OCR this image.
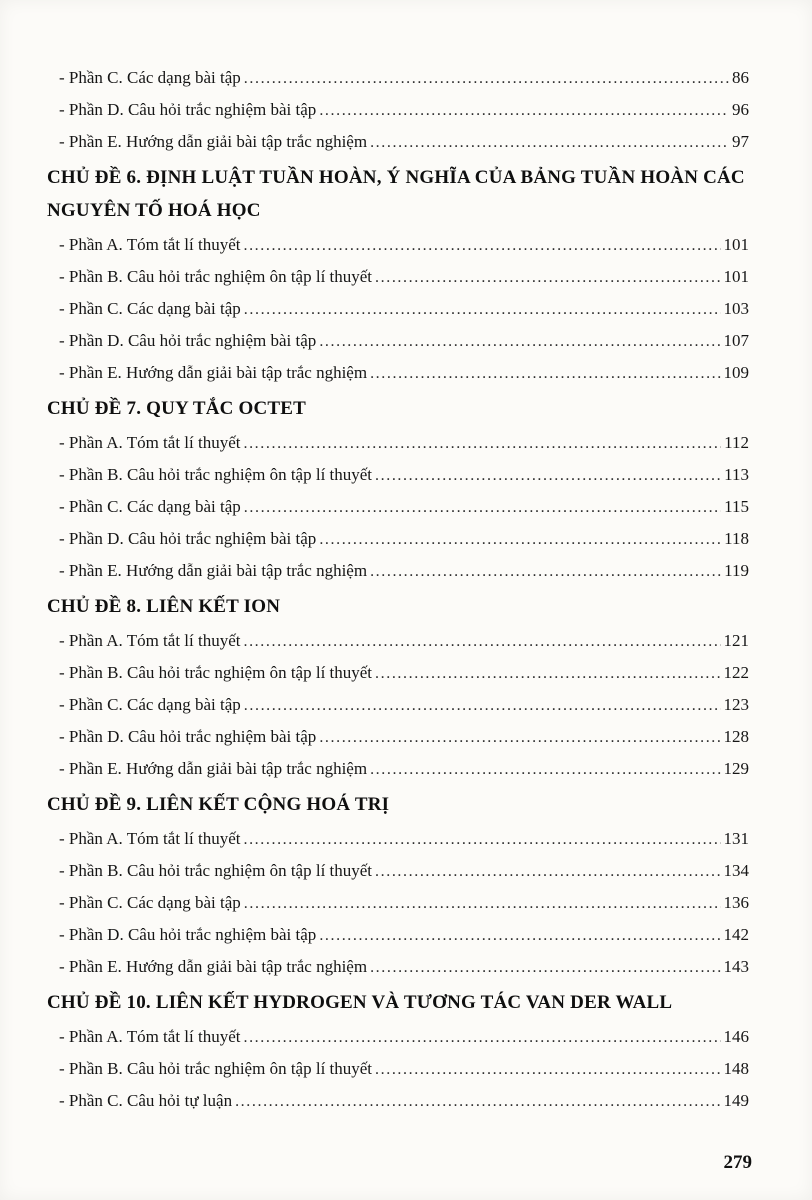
- Phần C. Các dạng bài tập .....	86
- Phần D. Câu hỏi trắc nghiệm bài tập .....	96
- Phần E. Hướng dẫn giải bài tập trắc nghiệm .....	97
CHỦ ĐỀ 6. ĐỊNH LUẬT TUẦN HOÀN, Ý NGHĨA CỦA BẢNG TUẦN HOÀN CÁC NGUYÊN TỐ HOÁ HỌC
- Phần A. Tóm tắt lí thuyết .....	101
- Phần B. Câu hỏi trắc nghiệm ôn tập lí thuyết .....	101
- Phần C. Các dạng bài tập .....	103
- Phần D. Câu hỏi trắc nghiệm bài tập .....	107
- Phần E. Hướng dẫn giải bài tập trắc nghiệm .....	109
CHỦ ĐỀ 7. QUY TẮC OCTET
- Phần A. Tóm tắt lí thuyết .....	112
- Phần B. Câu hỏi trắc nghiệm ôn tập lí thuyết .....	113
- Phần C. Các dạng bài tập .....	115
- Phần D. Câu hỏi trắc nghiệm bài tập .....	118
- Phần E. Hướng dẫn giải bài tập trắc nghiệm .....	119
CHỦ ĐỀ 8. LIÊN KẾT ION
- Phần A. Tóm tắt lí thuyết .....	121
- Phần B. Câu hỏi trắc nghiệm ôn tập lí thuyết .....	122
- Phần C. Các dạng bài tập .....	123
- Phần D. Câu hỏi trắc nghiệm bài tập .....	128
- Phần E. Hướng dẫn giải bài tập trắc nghiệm .....	129
CHỦ ĐỀ 9. LIÊN KẾT CỘNG HOÁ TRỊ
- Phần A. Tóm tắt lí thuyết .....	131
- Phần B. Câu hỏi trắc nghiệm ôn tập lí thuyết .....	134
- Phần C. Các dạng bài tập .....	136
- Phần D. Câu hỏi trắc nghiệm bài tập .....	142
- Phần E. Hướng dẫn giải bài tập trắc nghiệm .....	143
CHỦ ĐỀ 10. LIÊN KẾT HYDROGEN VÀ TƯƠNG TÁC VAN DER WALL
- Phần A. Tóm tắt lí thuyết .....	146
- Phần B. Câu hỏi trắc nghiệm ôn tập lí thuyết .....	148
- Phần C. Câu hỏi tự luận .....	149
279
